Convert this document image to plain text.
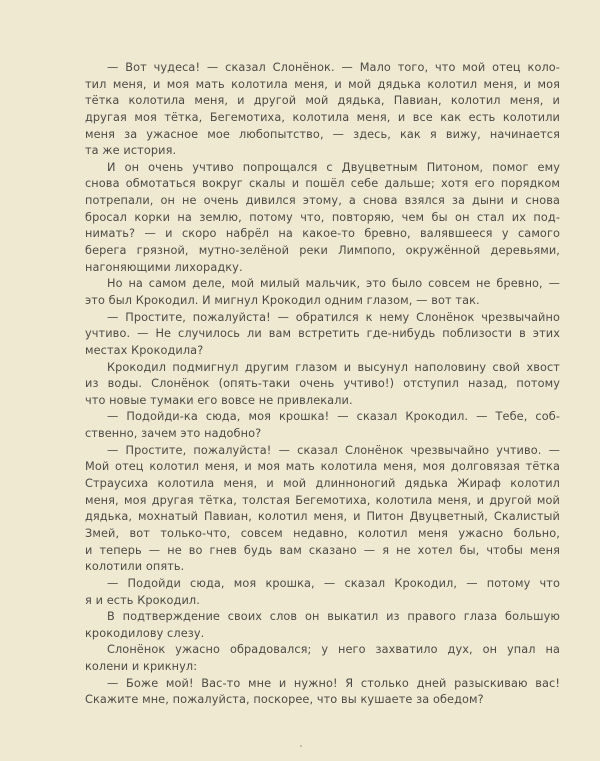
— Вот чудеса! — сказал Слонёнок. — Мало того, что мой отец коло-
тил меня, и моя мать колотила меня, и мой дядька колотил меня, и моя
тётка колотила меня, и другой мой дядька, Павиан, колотил меня, и
другая моя тётка, Бегемотиха, колотила меня, и все как есть колотили
меня за ужасное мое любопытство, — здесь, как я вижу, начинается
та же история.
И он очень учтиво попрощался с Двуцветным Питоном, помог ему
снова обмотаться вокруг скалы и пошёл себе дальше; хотя его порядком
потрепали, он не очень дивился этому, а снова взялся за дыни и снова
бросал корки на землю, потому что, повторяю, чем бы он стал их под-
нимать? — и скоро набрёл на какое-то бревно, валявшееся у самого
берега грязной, мутно-зелёной реки Лимпопо, окружённой деревьями,
нагоняющими лихорадку.
Но на самом деле, мой милый мальчик, это было совсем не бревно, —
это был Крокодил. И мигнул Крокодил одним глазом, — вот так.
— Простите, пожалуйста! — обратился к нему Слонёнок чрезвычайно
учтиво. — Не случилось ли вам встретить где-нибудь поблизости в этих
местах Крокодила?
Крокодил подмигнул другим глазом и высунул наполовину свой хвост
из воды. Слонёнок (опять-таки очень учтиво!) отступил назад, потому
что новые тумаки его вовсе не привлекали.
— Подойди-ка сюда, моя крошка! — сказал Крокодил. — Тебе, соб-
ственно, зачем это надобно?
— Простите, пожалуйста! — сказал Слонёнок чрезвычайно учтиво. —
Мой отец колотил меня, и моя мать колотила меня, моя долговязая тётка
Страусиха колотила меня, и мой длинноногий дядька Жираф колотил
меня, моя другая тётка, толстая Бегемотиха, колотила меня, и другой мой
дядька, мохнатый Павиан, колотил меня, и Питон Двуцветный, Скалистый
Змей, вот только-что, совсем недавно, колотил меня ужасно больно,
и теперь — не во гнев будь вам сказано — я не хотел бы, чтобы меня
колотили опять.
— Подойди сюда, моя крошка, — сказал Крокодил, — потому что
я и есть Крокодил.
В подтверждение своих слов он выкатил из правого глаза большую
крокодилову слезу.
Слонёнок ужасно обрадовался; у него захватило дух, он упал на
колени и крикнул:
— Боже мой! Вас-то мне и нужно! Я столько дней разыскиваю вас!
Скажите мне, пожалуйста, поскорее, что вы кушаете за обедом?
